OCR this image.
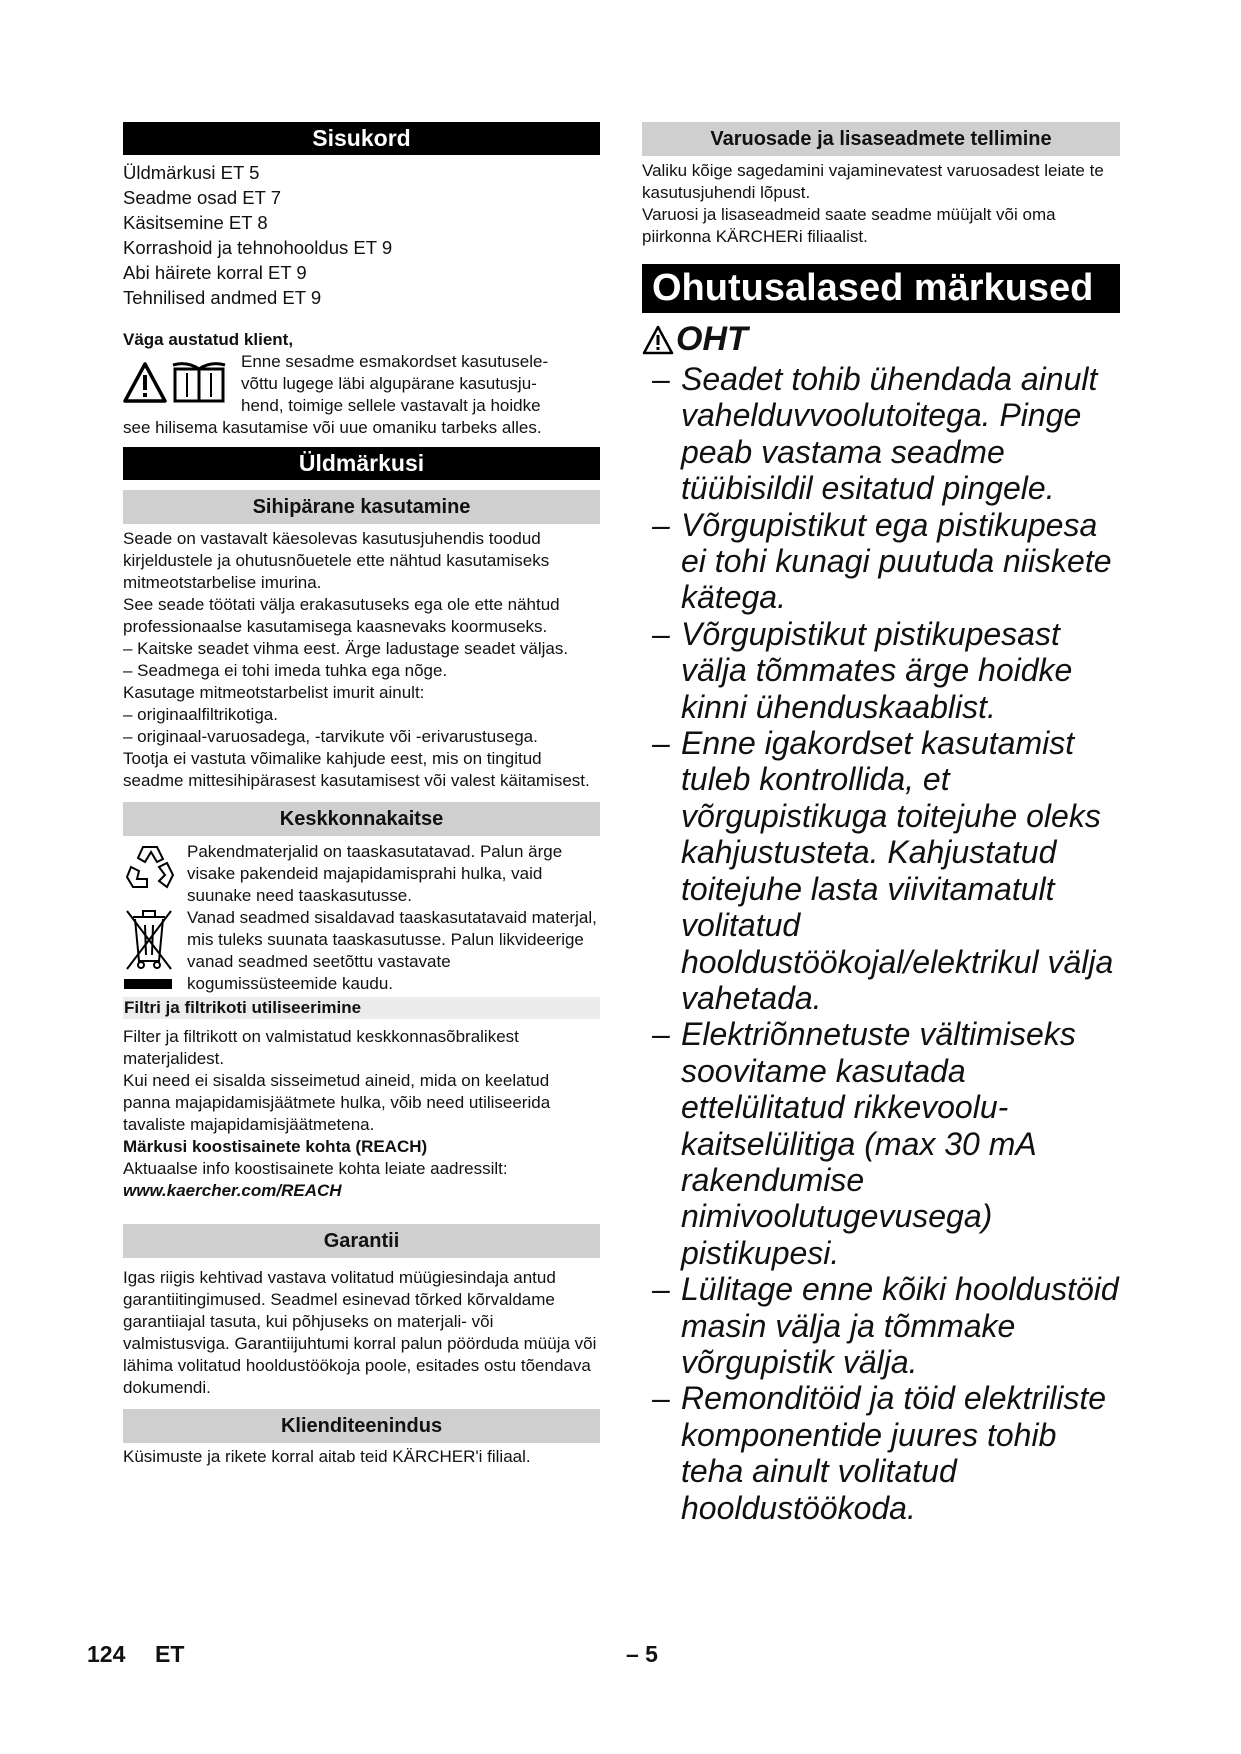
Sisukord

Üldmärkusi ET 5

Seadme osad ET 7

Käsitsemine ET 8

Korrashoid ja tehnohooldus ET 9

Abi häirete korral ET 9

Tehnilised andmed ET 9

Väga austatud klient,

Enne sesadme esmakordset kasutusele-

võttu lugege läbi algupärane kasutusju-

hend, toimige sellele vastavalt ja hoidke

see hilisema kasutamise või uue omaniku tarbeks alles.

Üldmärkusi
Sihipärane kasutamine

Seade on vastavalt käesolevas kasutusjuhendis toodud kirjeldustele ja ohutusnõuetele ette nähtud kasutamiseks mitmeotstarbelise imurina.

See seade töötati välja erakasutuseks ega ole ette nähtud professionaalse kasutamisega kaasnevaks koormuseks.

– Kaitske seadet vihma eest. Ärge ladustage seadet väljas.

– Seadmega ei tohi imeda tuhka ega nõge.

Kasutage mitmeotstarbelist imurit ainult:

– originaalfiltrikotiga.

– originaal-varuosadega, -tarvikute või -erivarustusega.

Tootja ei vastuta võimalike kahjude eest, mis on tingitud seadme mittesihipärasest kasutamisest või valest käitamisest.

Keskkonnakaitse

Pakendmaterjalid on taaskasutatavad. Palun ärge visake pakendeid majapidamisprahi hulka, vaid suunake need taaskasutusse.

Vanad seadmed sisaldavad taaskasutatavaid materjal, mis tuleks suunata taaskasutusse. Palun likvideerige vanad seadmed seetõttu vastavate kogumissüsteemide kaudu.

Filtri ja filtrikoti utiliseerimine

Filter ja filtrikott on valmistatud keskkonnasõbralikest materjalidest.

Kui need ei sisalda sisseimetud aineid, mida on keelatud panna majapidamisjäätmete hulka, võib need utiliseerida tavaliste majapidamisjäätmetena.

Märkusi koostisainete kohta (REACH)

Aktuaalse info koostisainete kohta leiate aadressilt:

www.kaercher.com/REACH

Garantii

Igas riigis kehtivad vastava volitatud müügiesindaja antud garantiitingimused. Seadmel esinevad tõrked kõrvaldame garantiiajal tasuta, kui põhjuseks on materjali- või valmistusviga. Garantiijuhtumi korral palun pöörduda müüja või lähima volitatud hooldustöökoja poole, esitades ostu tõendava dokumendi.

Klienditeenindus

Küsimuste ja rikete korral aitab teid KÄRCHER'i filiaal.

Varuosade ja lisaseadmete tellimine

Valiku kõige sagedamini vajaminevatest varuosadest leiate te kasutusjuhendi lõpust.

Varuosi ja lisaseadmeid saate seadme müüjalt või oma piirkonna KÄRCHERi filiaalist.

Ohutusalased märkused
OHT
– Seadet tohib ühendada ainult vahelduvvoolutoitega. Pinge peab vastama seadme tüübisildil esitatud pingele.
– Võrgupistikut ega pistikupesa ei tohi kunagi puutuda niiskete kätega.
– Võrgupistikut pistikupesast välja tõmmates ärge hoidke kinni ühenduskaablist.
– Enne igakordset kasutamist tuleb kontrollida, et võrgupistikuga toitejuhe oleks kahjustusteta. Kahjustatud toitejuhe lasta viivitamatult volitatud hooldustöökojal/elektrikul välja vahetada.
– Elektriõnnetuste vältimiseks soovitame kasutada ettelülitatud rikkevoolu-kaitselülitiga (max 30 mA rakendumise nimivoolutugevusega) pistikupesi.
– Lülitage enne kõiki hooldustöid masin välja ja tõmmake võrgupistik välja.
– Remonditöid ja töid elektriliste komponentide juures tohib teha ainult volitatud hooldustöökoda.
124 ET	– 5
